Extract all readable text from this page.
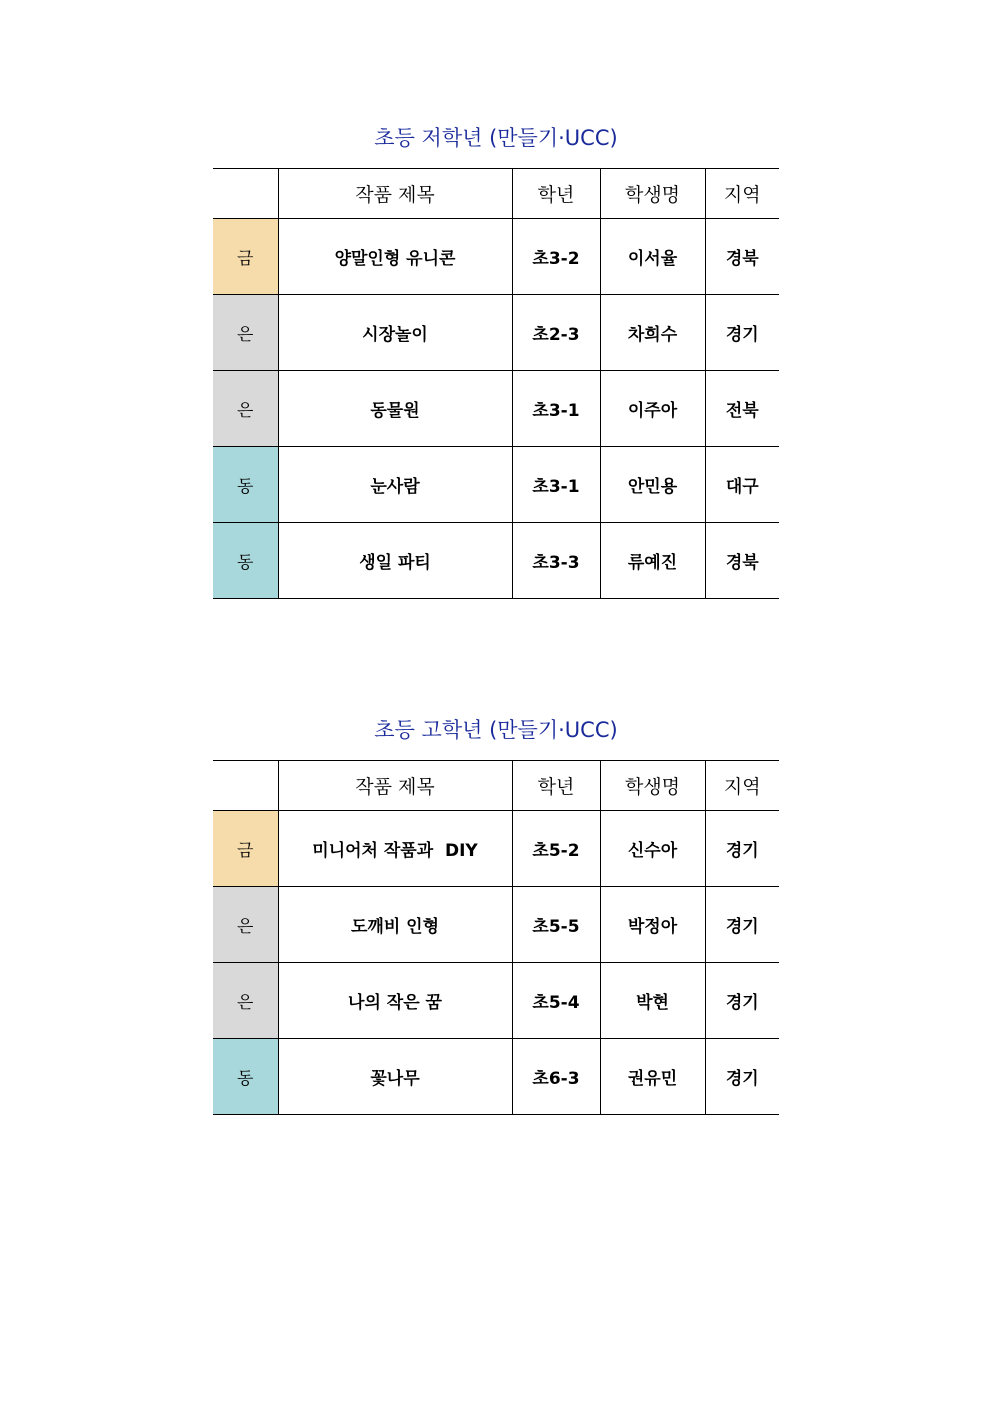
초등 저학년 (만들기·UCC)
	작품 제목	학년	학생명	지역
금	양말인형 유니콘	초3-2	이서율	경북
은	시장놀이	초2-3	차희수	경기
은	동물원	초3-1	이주아	전북
동	눈사람	초3-1	안민용	대구
동	생일 파티	초3-3	류예진	경북
초등 고학년 (만들기·UCC)
	작품 제목	학년	학생명	지역
금	미니어처 작품과  DIY	초5-2	신수아	경기
은	도깨비 인형	초5-5	박정아	경기
은	나의 작은 꿈	초5-4	박현	경기
동	꽃나무	초6-3	권유민	경기
